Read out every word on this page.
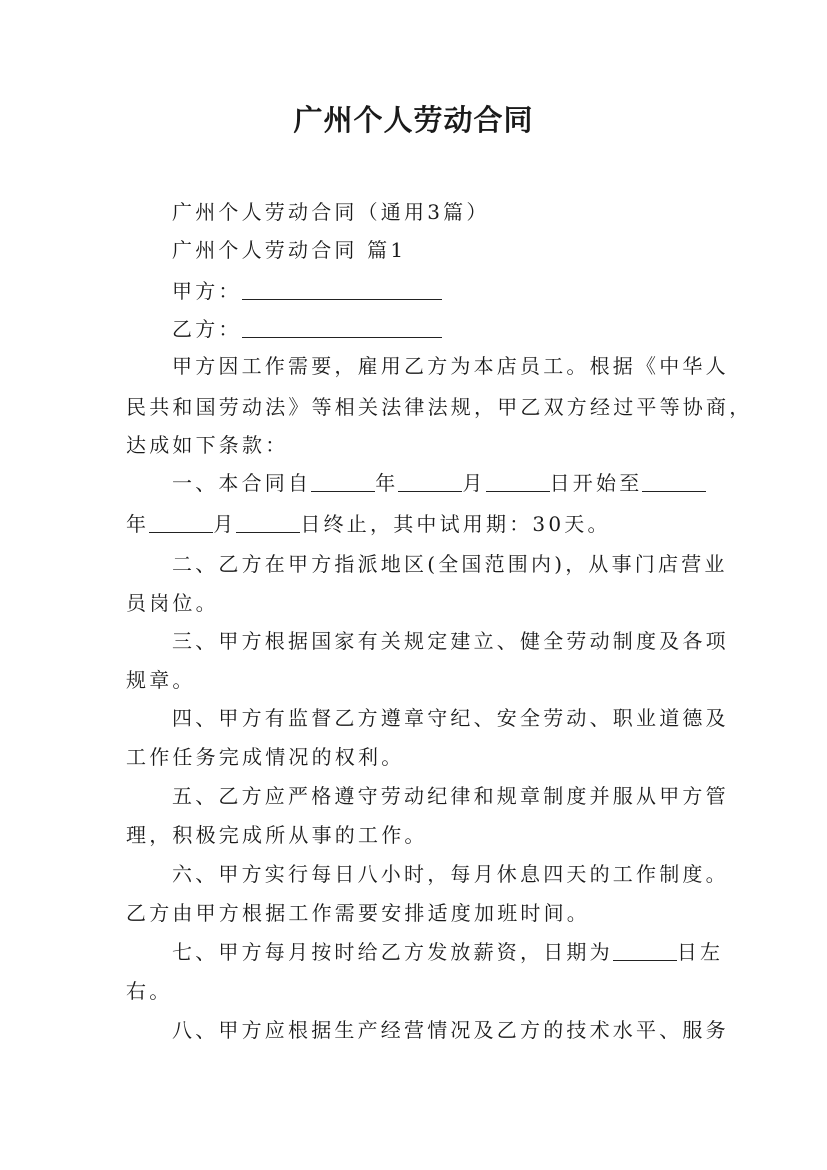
广州个人劳动合同
广州个人劳动合同（通用3篇）
广州个人劳动合同 篇1
甲方：
乙方：
甲方因工作需要，雇用乙方为本店员工。根据《中华人
民共和国劳动法》等相关法律法规，甲乙双方经过平等协商，
达成如下条款：
一、本合同自	年	月	日开始至
年	月	日终止，其中试用期：30天。
二、乙方在甲方指派地区(全国范围内)，从事门店营业
员岗位。
三、甲方根据国家有关规定建立、健全劳动制度及各项
规章。
四、甲方有监督乙方遵章守纪、安全劳动、职业道德及
工作任务完成情况的权利。
五、乙方应严格遵守劳动纪律和规章制度并服从甲方管
理，积极完成所从事的工作。
六、甲方实行每日八小时，每月休息四天的工作制度。
乙方由甲方根据工作需要安排适度加班时间。
七、甲方每月按时给乙方发放薪资，日期为	日左
右。
八、甲方应根据生产经营情况及乙方的技术水平、服务
